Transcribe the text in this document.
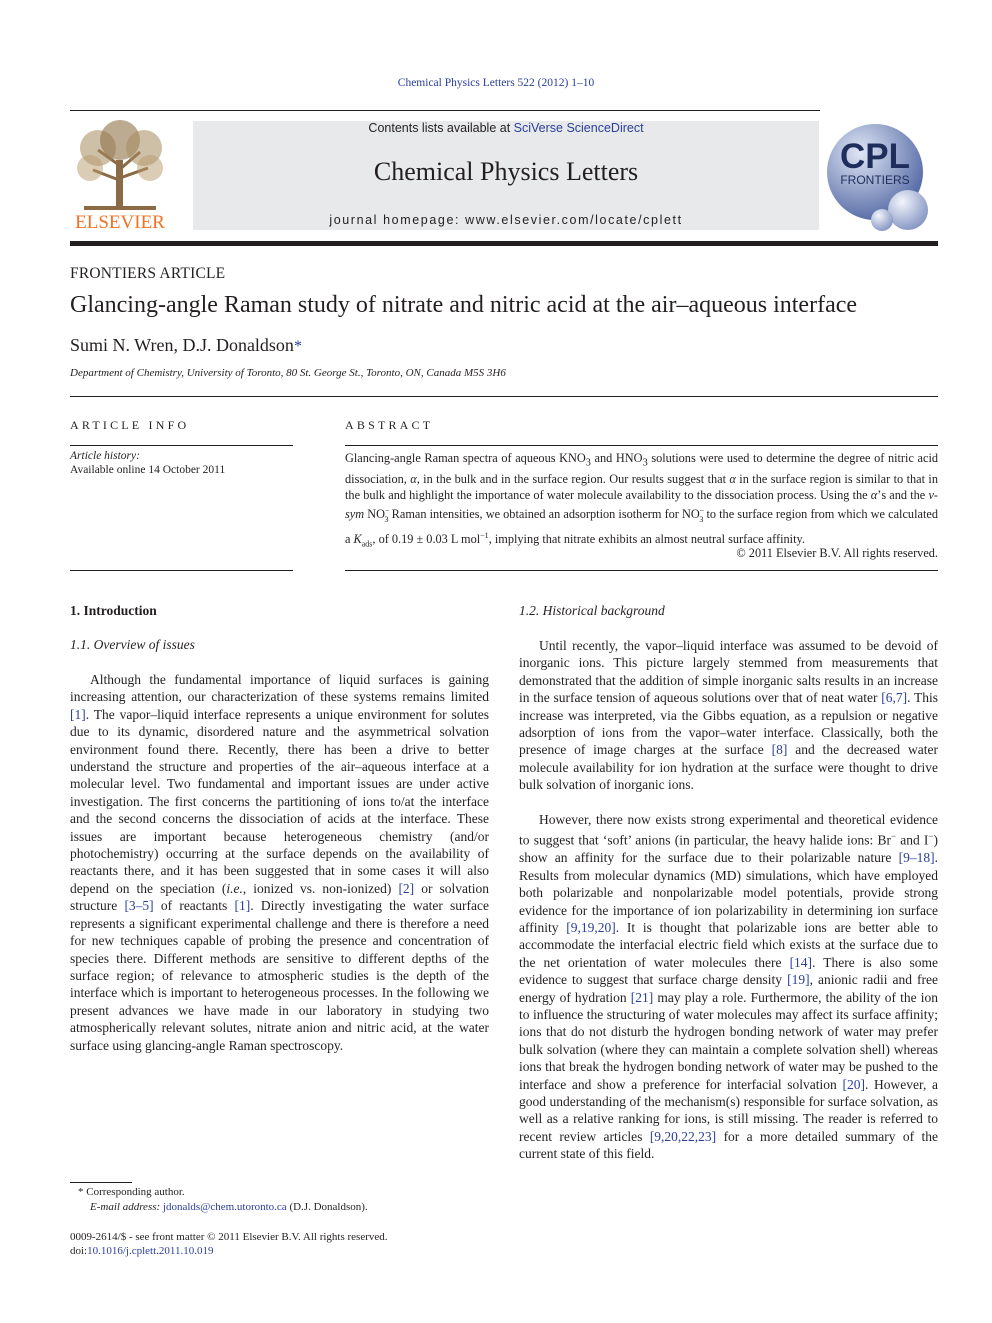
Chemical Physics Letters 522 (2012) 1–10
ELSEVIER
Contents lists available at SciVerse ScienceDirect
Chemical Physics Letters
journal homepage: www.elsevier.com/locate/cplett
CPL
FRONTIERS
FRONTIERS ARTICLE
Glancing-angle Raman study of nitrate and nitric acid at the air–aqueous interface
Sumi N. Wren, D.J. Donaldson*
Department of Chemistry, University of Toronto, 80 St. George St., Toronto, ON, Canada M5S 3H6
ARTICLE INFO	ABSTRACT
Article history:
Available online 14 October 2011
Glancing-angle Raman spectra of aqueous $KNO_3$ and $HNO_3$ solutions were used to determine the degree of nitric acid dissociation, α, in the bulk and in the surface region. Our results suggest that α in the surface region is similar to that in the bulk and highlight the importance of water molecule availability to the dissociation process. Using the α’s and the ν-sym $NO^-_3$ Raman intensities, we obtained an adsorption isotherm for $NO^-_3$ to the surface region from which we calculated a $K_{ads}$, of 0.19 ± 0.03 L mol$^{-1}$, implying that nitrate exhibits an almost neutral surface affinity.
© 2011 Elsevier B.V. All rights reserved.
1. Introduction
1.1. Overview of issues
1.2. Historical background

Although the fundamental importance of liquid surfaces is gaining increasing attention, our characterization of these systems remains limited [1]. The vapor–liquid interface represents a unique environment for solutes due to its dynamic, disordered nature and the asymmetrical solvation environment found there. Recently, there has been a drive to better understand the structure and properties of the air–aqueous interface at a molecular level. Two fundamental and important issues are under active investigation. The first concerns the partitioning of ions to/at the interface and the second concerns the dissociation of acids at the interface. These issues are important because heterogeneous chemistry (and/or photochemistry) occurring at the surface depends on the availability of reactants there, and it has been suggested that in some cases it will also depend on the speciation (i.e., ionized vs. non-ionized) [2] or solvation structure [3–5] of reactants [1]. Directly investigating the water surface represents a significant experimental challenge and there is therefore a need for new techniques capable of probing the presence and concentration of species there. Different methods are sensitive to different depths of the surface region; of relevance to atmospheric studies is the depth of the interface which is important to heterogeneous processes. In the following we present advances we have made in our laboratory in studying two atmospherically relevant solutes, nitrate anion and nitric acid, at the water surface using glancing-angle Raman spectroscopy.

Until recently, the vapor–liquid interface was assumed to be devoid of inorganic ions. This picture largely stemmed from measurements that demonstrated that the addition of simple inorganic salts results in an increase in the surface tension of aqueous solutions over that of neat water [6,7]. This increase was interpreted, via the Gibbs equation, as a repulsion or negative adsorption of ions from the vapor–water interface. Classically, both the presence of image charges at the surface [8] and the decreased water molecule availability for ion hydration at the surface were thought to drive bulk solvation of inorganic ions.

However, there now exists strong experimental and theoretical evidence to suggest that ‘soft’ anions (in particular, the heavy halide ions: Br− and I−) show an affinity for the surface due to their polarizable nature [9–18]. Results from molecular dynamics (MD) simulations, which have employed both polarizable and nonpolarizable model potentials, provide strong evidence for the importance of ion polarizability in determining ion surface affinity [9,19,20]. It is thought that polarizable ions are better able to accommodate the interfacial electric field which exists at the surface due to the net orientation of water molecules there [14]. There is also some evidence to suggest that surface charge density [19], anionic radii and free energy of hydration [21] may play a role. Furthermore, the ability of the ion to influence the structuring of water molecules may affect its surface affinity; ions that do not disturb the hydrogen bonding network of water may prefer bulk solvation (where they can maintain a complete solvation shell) whereas ions that break the hydrogen bonding network of water may be pushed to the interface and show a preference for interfacial solvation [20]. However, a good understanding of the mechanism(s) responsible for surface solvation, as well as a relative ranking for ions, is still missing. The reader is referred to recent review articles [9,20,22,23] for a more detailed summary of the current state of this field.

* Corresponding author.
E-mail address: jdonalds@chem.utoronto.ca (D.J. Donaldson).
0009-2614/$ - see front matter © 2011 Elsevier B.V. All rights reserved.
doi:10.1016/j.cplett.2011.10.019
